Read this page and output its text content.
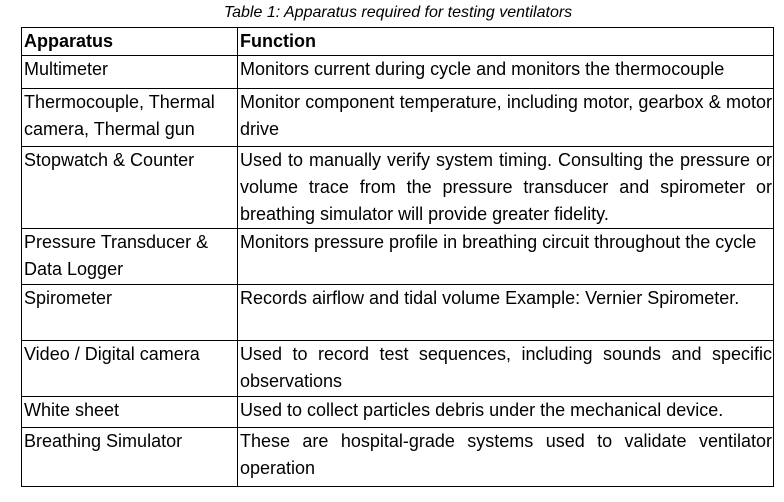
Table 1: Apparatus required for testing ventilators
Apparatus	Function
Multimeter	Monitors current during cycle and monitors the thermocouple
Thermocouple, Thermal camera, Thermal gun	Monitor component temperature, including motor, gearbox & motor drive
Stopwatch & Counter	Used to manually verify system timing. Consulting the pressure or volume trace from the pressure transducer and spirometer or breathing simulator will provide greater fidelity.
Pressure Transducer & Data Logger	Monitors pressure profile in breathing circuit throughout the cycle
Spirometer	Records airflow and tidal volume Example: Vernier Spirometer.
Video / Digital camera	Used to record test sequences, including sounds and specific observations
White sheet	Used to collect particles debris under the mechanical device.
Breathing Simulator	These are hospital-grade systems used to validate ventilator operation
